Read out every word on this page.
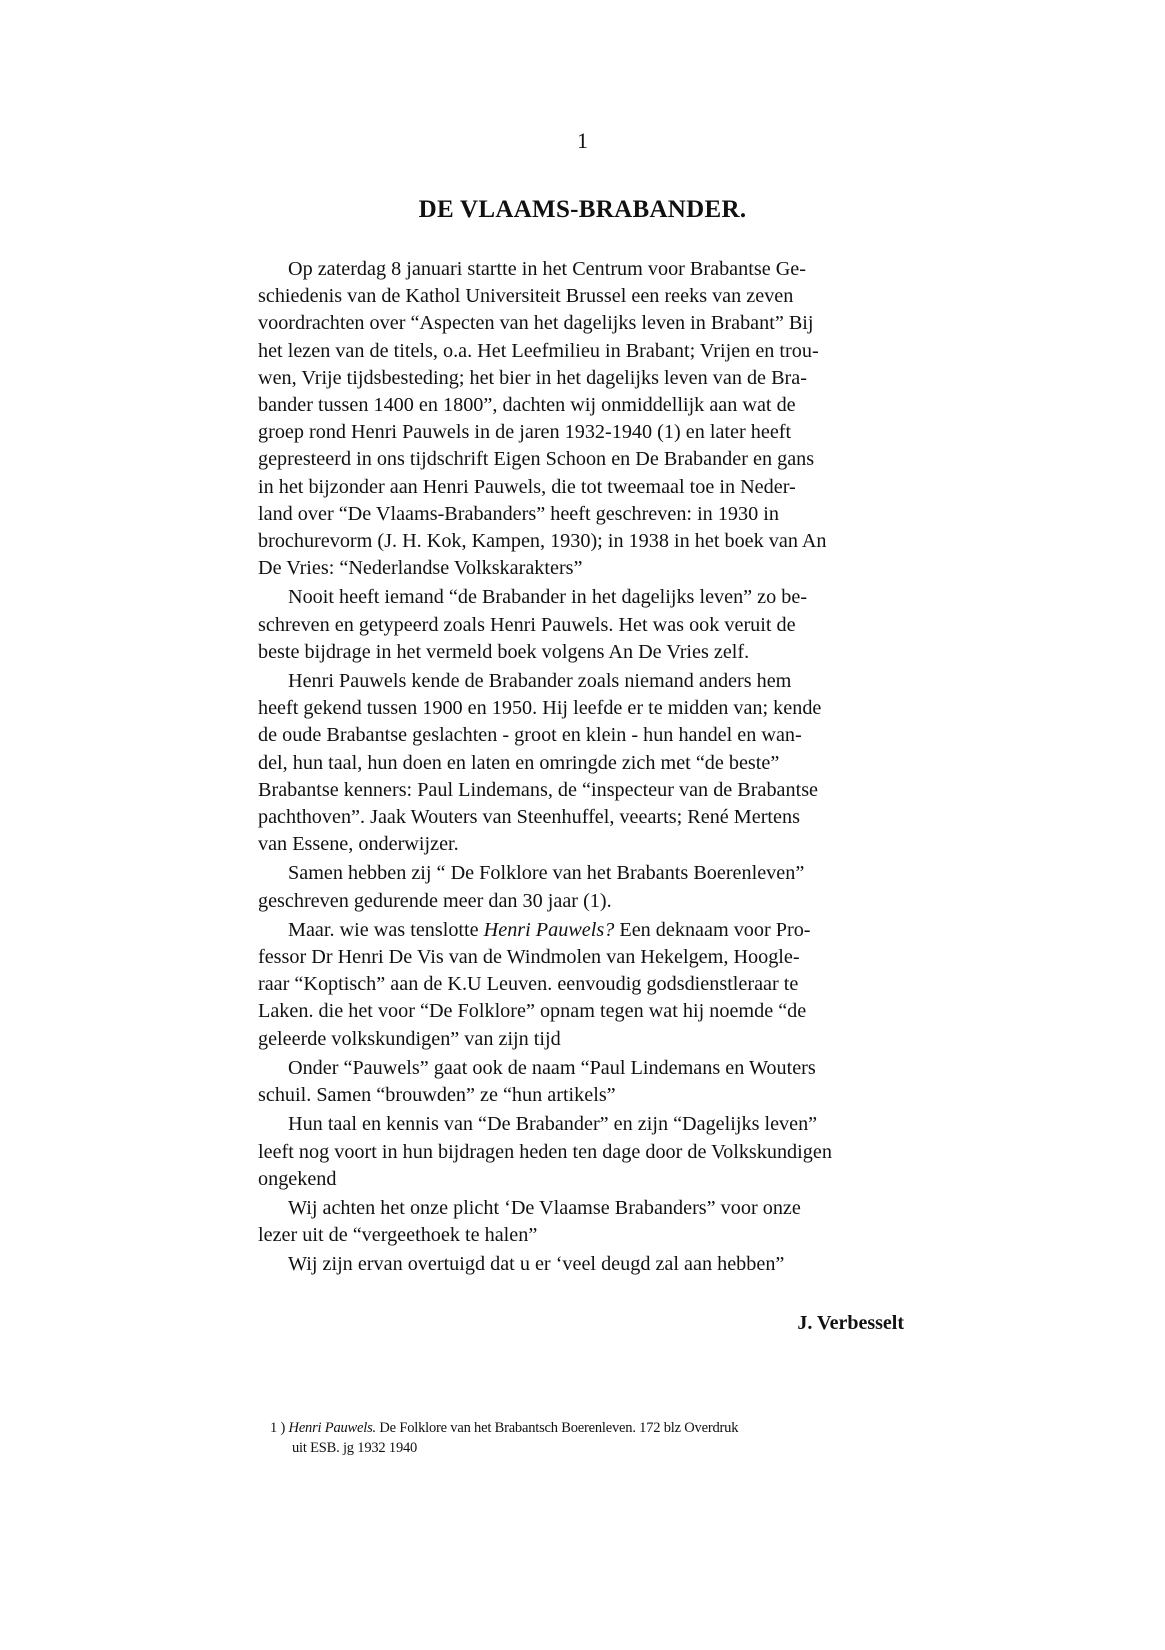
1
DE VLAAMS-BRABANDER.

Op zaterdag 8 januari startte in het Centrum voor Brabantse Ge-
schiedenis van de Kathol Universiteit Brussel een reeks van zeven
voordrachten over “Aspecten van het dagelijks leven in Brabant” Bij
het lezen van de titels, o.a. Het Leefmilieu in Brabant; Vrijen en trou-
wen, Vrije tijdsbesteding; het bier in het dagelijks leven van de Bra-
bander tussen 1400 en 1800”, dachten wij onmiddellijk aan wat de
groep rond Henri Pauwels in de jaren 1932-1940 (1) en later heeft
gepresteerd in ons tijdschrift Eigen Schoon en De Brabander en gans
in het bijzonder aan Henri Pauwels, die tot tweemaal toe in Neder-
land over “De Vlaams-Brabanders” heeft geschreven: in 1930 in
brochurevorm (J. H. Kok, Kampen, 1930); in 1938 in het boek van An
De Vries: “Nederlandse Volkskarakters”

Nooit heeft iemand “de Brabander in het dagelijks leven” zo be-
schreven en getypeerd zoals Henri Pauwels. Het was ook veruit de
beste bijdrage in het vermeld boek volgens An De Vries zelf.

Henri Pauwels kende de Brabander zoals niemand anders hem
heeft gekend tussen 1900 en 1950. Hij leefde er te midden van; kende
de oude Brabantse geslachten - groot en klein - hun handel en wan-
del, hun taal, hun doen en laten en omringde zich met “de beste”
Brabantse kenners: Paul Lindemans, de “inspecteur van de Brabantse
pachthoven”. Jaak Wouters van Steenhuffel, veearts; René Mertens
van Essene, onderwijzer.

Samen hebben zij “ De Folklore van het Brabants Boerenleven”
geschreven gedurende meer dan 30 jaar (1).

Maar. wie was tenslotte Henri Pauwels? Een deknaam voor Pro-
fessor Dr Henri De Vis van de Windmolen van Hekelgem, Hoogle-
raar “Koptisch” aan de K.U Leuven. eenvoudig godsdienstleraar te
Laken. die het voor “De Folklore” opnam tegen wat hij noemde “de
geleerde volkskundigen” van zijn tijd

Onder “Pauwels” gaat ook de naam “Paul Lindemans en Wouters
schuil. Samen “brouwden” ze “hun artikels”

Hun taal en kennis van “De Brabander” en zijn “Dagelijks leven”
leeft nog voort in hun bijdragen heden ten dage door de Volkskundigen
ongekend

Wij achten het onze plicht ‘De Vlaamse Brabanders” voor onze
lezer uit de “vergeethoek te halen”

Wij zijn ervan overtuigd dat u er ‘veel deugd zal aan hebben”

J. Verbesselt
1 ) Henri Pauwels. De Folklore van het Brabantsch Boerenleven. 172 blz Overdruk
uit ESB. jg 1932 1940
